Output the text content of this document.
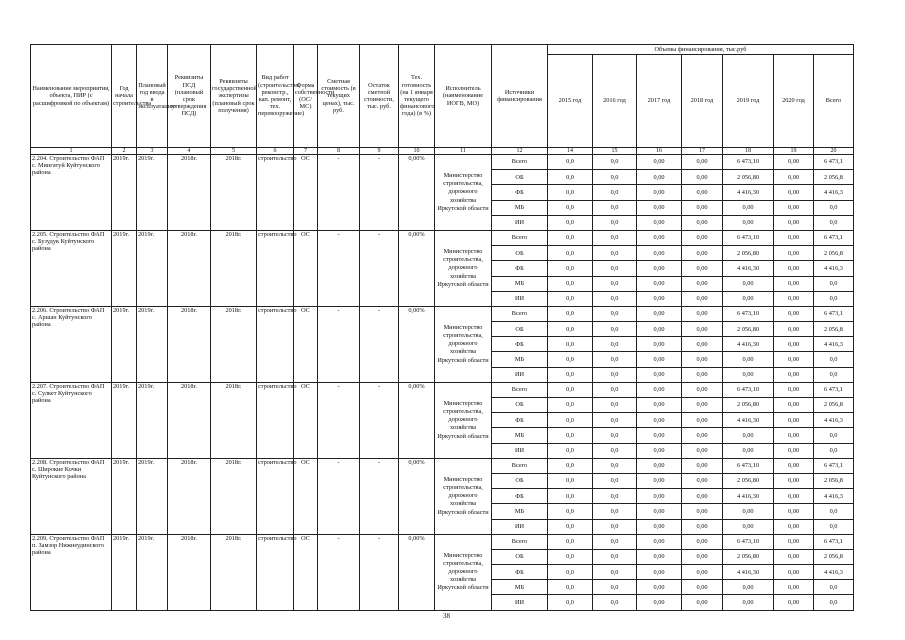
Наименование мероприятия, объекта, ПИР (с расшифровкой по объектам)	Год начала строительства	Плановый год ввода в эксплуатацию	Реквизиты ПСД (плановый срок утверждения ПСД)	Реквизиты государственной экспертизы (плановый срок получения)	Вид работ (строительство, реконстр., кап. ремонт, тех. перевооружение)	Форма собственности (ОС/МС)	Сметная стоимость (в текущих ценах), тыс. руб.	Остаток сметной стоимости, тыс. руб.	Тех. готовность (на 1 января текущего финансового года) (в %)	Исполнитель (наименование ИОГВ, МО)	Источники финансирования	Объемы финансирования, тыс.руб						
												2015 год	2016 год	2017 год	2018 год	2019 год	2020 год	Всего
1	2	3	4	5	6	7	8	9	10	11	12	14	15	16	17	18	19	20
2.204. Строительство ФАП с. Мингатуй Куйтунского района	2019г.	2019г.	2018г.	2018г.	строительство	ОС	-	-	0,00%	Министерство строительства, дорожного хозяйства Иркутской области	Всего	0,0	0,0	0,00	0,00	6 473,10	0,00	6 473,1
											ОБ	0,0	0,0	0,00	0,00	2 056,80	0,00	2 056,8
											ФБ	0,0	0,0	0,00	0,00	4 416,30	0,00	4 416,3
											МБ	0,0	0,0	0,00	0,00	0,00	0,00	0,0
											ИИ	0,0	0,0	0,00	0,00	0,00	0,00	0,0
2.205. Строительство ФАП с. Бузудук Куйтунского района	2019г.	2019г.	2018г.	2018г.	строительство	ОС	-	-	0,00%	Министерство строительства, дорожного хозяйства Иркутской области	Всего	0,0	0,0	0,00	0,00	6 473,10	0,00	6 473,1
											ОБ	0,0	0,0	0,00	0,00	2 056,80	0,00	2 056,8
											ФБ	0,0	0,0	0,00	0,00	4 416,30	0,00	4 416,3
											МБ	0,0	0,0	0,00	0,00	0,00	0,00	0,0
											ИИ	0,0	0,0	0,00	0,00	0,00	0,00	0,0
2.206. Строительство ФАП с. Аршан Куйтунского района	2019г.	2019г.	2018г.	2018г.	строительство	ОС	-	-	0,00%	Министерство строительства, дорожного хозяйства Иркутской области	Всего	0,0	0,0	0,00	0,00	6 473,10	0,00	6 473,1
											ОБ	0,0	0,0	0,00	0,00	2 056,80	0,00	2 056,8
											ФБ	0,0	0,0	0,00	0,00	4 416,30	0,00	4 416,3
											МБ	0,0	0,0	0,00	0,00	0,00	0,00	0,0
											ИИ	0,0	0,0	0,00	0,00	0,00	0,00	0,0
2.207. Строительство ФАП с. Сулкет Куйтунского района	2019г.	2019г.	2018г.	2018г.	строительство	ОС	-	-	0,00%	Министерство строительства, дорожного хозяйства Иркутской области	Всего	0,0	0,0	0,00	0,00	6 473,10	0,00	6 473,1
											ОБ	0,0	0,0	0,00	0,00	2 056,80	0,00	2 056,8
											ФБ	0,0	0,0	0,00	0,00	4 416,30	0,00	4 416,3
											МБ	0,0	0,0	0,00	0,00	0,00	0,00	0,0
											ИИ	0,0	0,0	0,00	0,00	0,00	0,00	0,0
2.208. Строительство ФАП с. Широкие Кочки Куйтунского района	2019г.	2019г.	2018г.	2018г.	строительство	ОС	-	-	0,00%	Министерство строительства, дорожного хозяйства Иркутской области	Всего	0,0	0,0	0,00	0,00	6 473,10	0,00	6 473,1
											ОБ	0,0	0,0	0,00	0,00	2 056,80	0,00	2 056,8
											ФБ	0,0	0,0	0,00	0,00	4 416,30	0,00	4 416,3
											МБ	0,0	0,0	0,00	0,00	0,00	0,00	0,0
											ИИ	0,0	0,0	0,00	0,00	0,00	0,00	0,0
2.209. Строительство ФАП п. Замзор Нижнеудинского района	2019г.	2019г.	2018г.	2018г.	строительство	ОС	-	-	0,00%	Министерство строительства, дорожного хозяйства Иркутской области	Всего	0,0	0,0	0,00	0,00	6 473,10	0,00	6 473,1
											ОБ	0,0	0,0	0,00	0,00	2 056,80	0,00	2 056,8
											ФБ	0,0	0,0	0,00	0,00	4 416,30	0,00	4 416,3
											МБ	0,0	0,0	0,00	0,00	0,00	0,00	0,0
											ИИ	0,0	0,0	0,00	0,00	0,00	0,00	0,0
38
